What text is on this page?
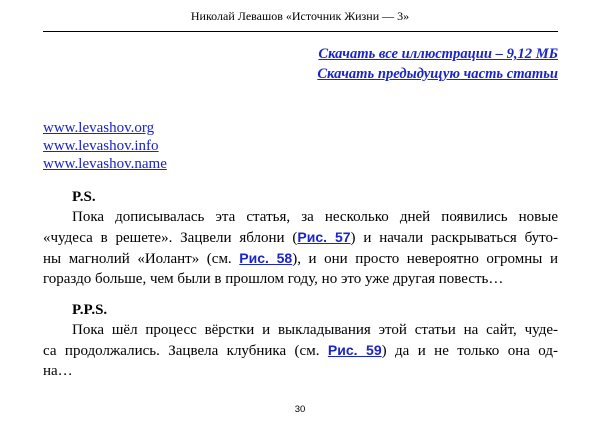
Николай Левашов «Источник Жизни — 3»
Скачать все иллюстрации – 9,12 МБ
Скачать предыдущую часть статьи
www.levashov.org
www.levashov.info
www.levashov.name
P.S.
Пока дописывалась эта статья, за несколько дней появились новые
«чудеса в решете». Зацвели яблони (Рис. 57) и начали раскрываться буто-
ны магнолий «Иолант» (см. Рис. 58), и они просто невероятно огромны и
гораздо больше, чем были в прошлом году, но это уже другая повесть…
P.P.S.
Пока шёл процесс вёрстки и выкладывания этой статьи на сайт, чуде-
са продолжались. Зацвела клубника (см. Рис. 59) да и не только она од-
на…
30
